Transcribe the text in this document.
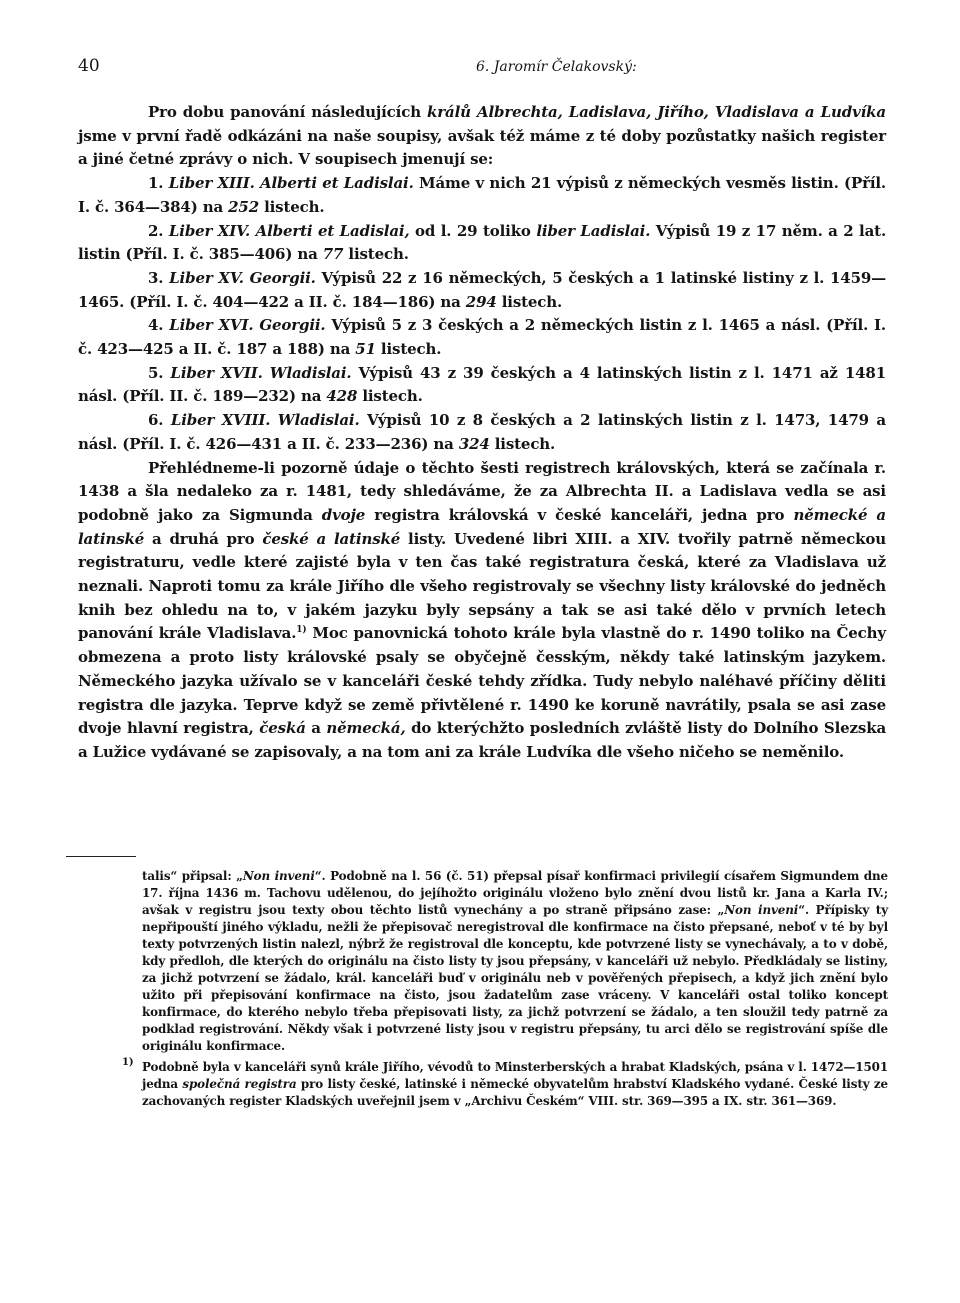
40	6. Jaromír Čelakovský:

Pro dobu panování následujících králů Albrechta, Ladislava, Jiřího, Vladislava a Ludvíka jsme v první řadě odkázáni na naše soupisy, avšak též máme z té doby pozůstatky našich register a jiné četné zprávy o nich. V soupisech jmenují se:

1. Liber XIII. Alberti et Ladislai. Máme v nich 21 výpisů z německých vesměs listin. (Příl. I. č. 364—384) na 252 listech.

2. Liber XIV. Alberti et Ladislai, od l. 29 toliko liber Ladislai. Výpisů 19 z 17 něm. a 2 lat. listin (Příl. I. č. 385—406) na 77 listech.

3. Liber XV. Georgii. Výpisů 22 z 16 německých, 5 českých a 1 latinské listiny z l. 1459—1465. (Příl. I. č. 404—422 a II. č. 184—186) na 294 listech.

4. Liber XVI. Georgii. Výpisů 5 z 3 českých a 2 německých listin z l. 1465 a násl. (Příl. I. č. 423—425 a II. č. 187 a 188) na 51 listech.

5. Liber XVII. Wladislai. Výpisů 43 z 39 českých a 4 latinských listin z l. 1471 až 1481 násl. (Příl. II. č. 189—232) na 428 listech.

6. Liber XVIII. Wladislai. Výpisů 10 z 8 českých a 2 latinských listin z l. 1473, 1479 a násl. (Příl. I. č. 426—431 a II. č. 233—236) na 324 listech.

Přehlédneme-li pozorně údaje o těchto šesti registrech královských, která se začínala r. 1438 a šla nedaleko za r. 1481, tedy shledáváme, že za Albrechta II. a Ladislava vedla se asi podobně jako za Sigmunda dvoje registra královská v české kanceláři, jedna pro německé a latinské a druhá pro české a latinské listy. Uvedené libri XIII. a XIV. tvořily patrně německou registraturu, vedle které zajisté byla v ten čas také registratura česká, které za Vladislava už neznali. Naproti tomu za krále Jiřího dle všeho registrovaly se všechny listy královské do jedněch knih bez ohledu na to, v jakém jazyku byly sepsány a tak se asi také dělo v prvních letech panování krále Vladislava.$^{1)}$ Moc panovnická tohoto krále byla vlastně do r. 1490 toliko na Čechy obmezena a proto listy královské psaly se obyčejně česským, někdy také latinským jazykem. Německého jazyka užívalo se v kanceláři české tehdy zřídka. Tudy nebylo naléhavé příčiny děliti registra dle jazyka. Teprve když se země přivtělené r. 1490 ke koruně navrátily, psala se asi zase dvoje hlavní registra, česká a německá, do kterýchžto posledních zvláště listy do Dolního Slezska a Lužice vydávané se zapisovaly, a na tom ani za krále Ludvíka dle všeho ničeho se neměnilo.

talis“ připsal: „Non inveni“. Podobně na l. 56 (č. 51) přepsal písař konfirmaci privilegií císařem Sigmundem dne 17. října 1436 m. Tachovu udělenou, do jejíhožto originálu vloženo bylo znění dvou listů kr. Jana a Karla IV.; avšak v registru jsou texty obou těchto listů vynechány a po straně připsáno zase: „Non inveni“. Přípisky ty nepřipouští jiného výkladu, nežli že přepisovač neregistroval dle konfirmace na čisto přepsané, neboť v té by byl texty potvrzených listin nalezl, nýbrž že registroval dle konceptu, kde potvrzené listy se vynechávaly, a to v době, kdy předloh, dle kterých do originálu na čisto listy ty jsou přepsány, v kanceláři už nebylo. Předkládaly se listiny, za jichž potvrzení se žádalo, král. kanceláři buď v originálu neb v pověřených přepisech, a když jich znění bylo užito při přepisování konfirmace na čisto, jsou žadatelům zase vráceny. V kanceláři ostal toliko koncept konfirmace, do kterého nebylo třeba přepisovati listy, za jichž potvrzení se žádalo, a ten sloužil tedy patrně za podklad registrování. Někdy však i potvrzené listy jsou v registru přepsány, tu arci dělo se registrování spíše dle originálu konfirmace.

1) Podobně byla v kanceláři synů krále Jiřího, vévodů to Minsterberských a hrabat Kladských, psána v l. 1472—1501 jedna společná registra pro listy české, latinské i německé obyvatelům hrabství Kladského vydané. České listy ze zachovaných register Kladských uveřejnil jsem v „Archivu Českém“ VIII. str. 369—395 a IX. str. 361—369.
